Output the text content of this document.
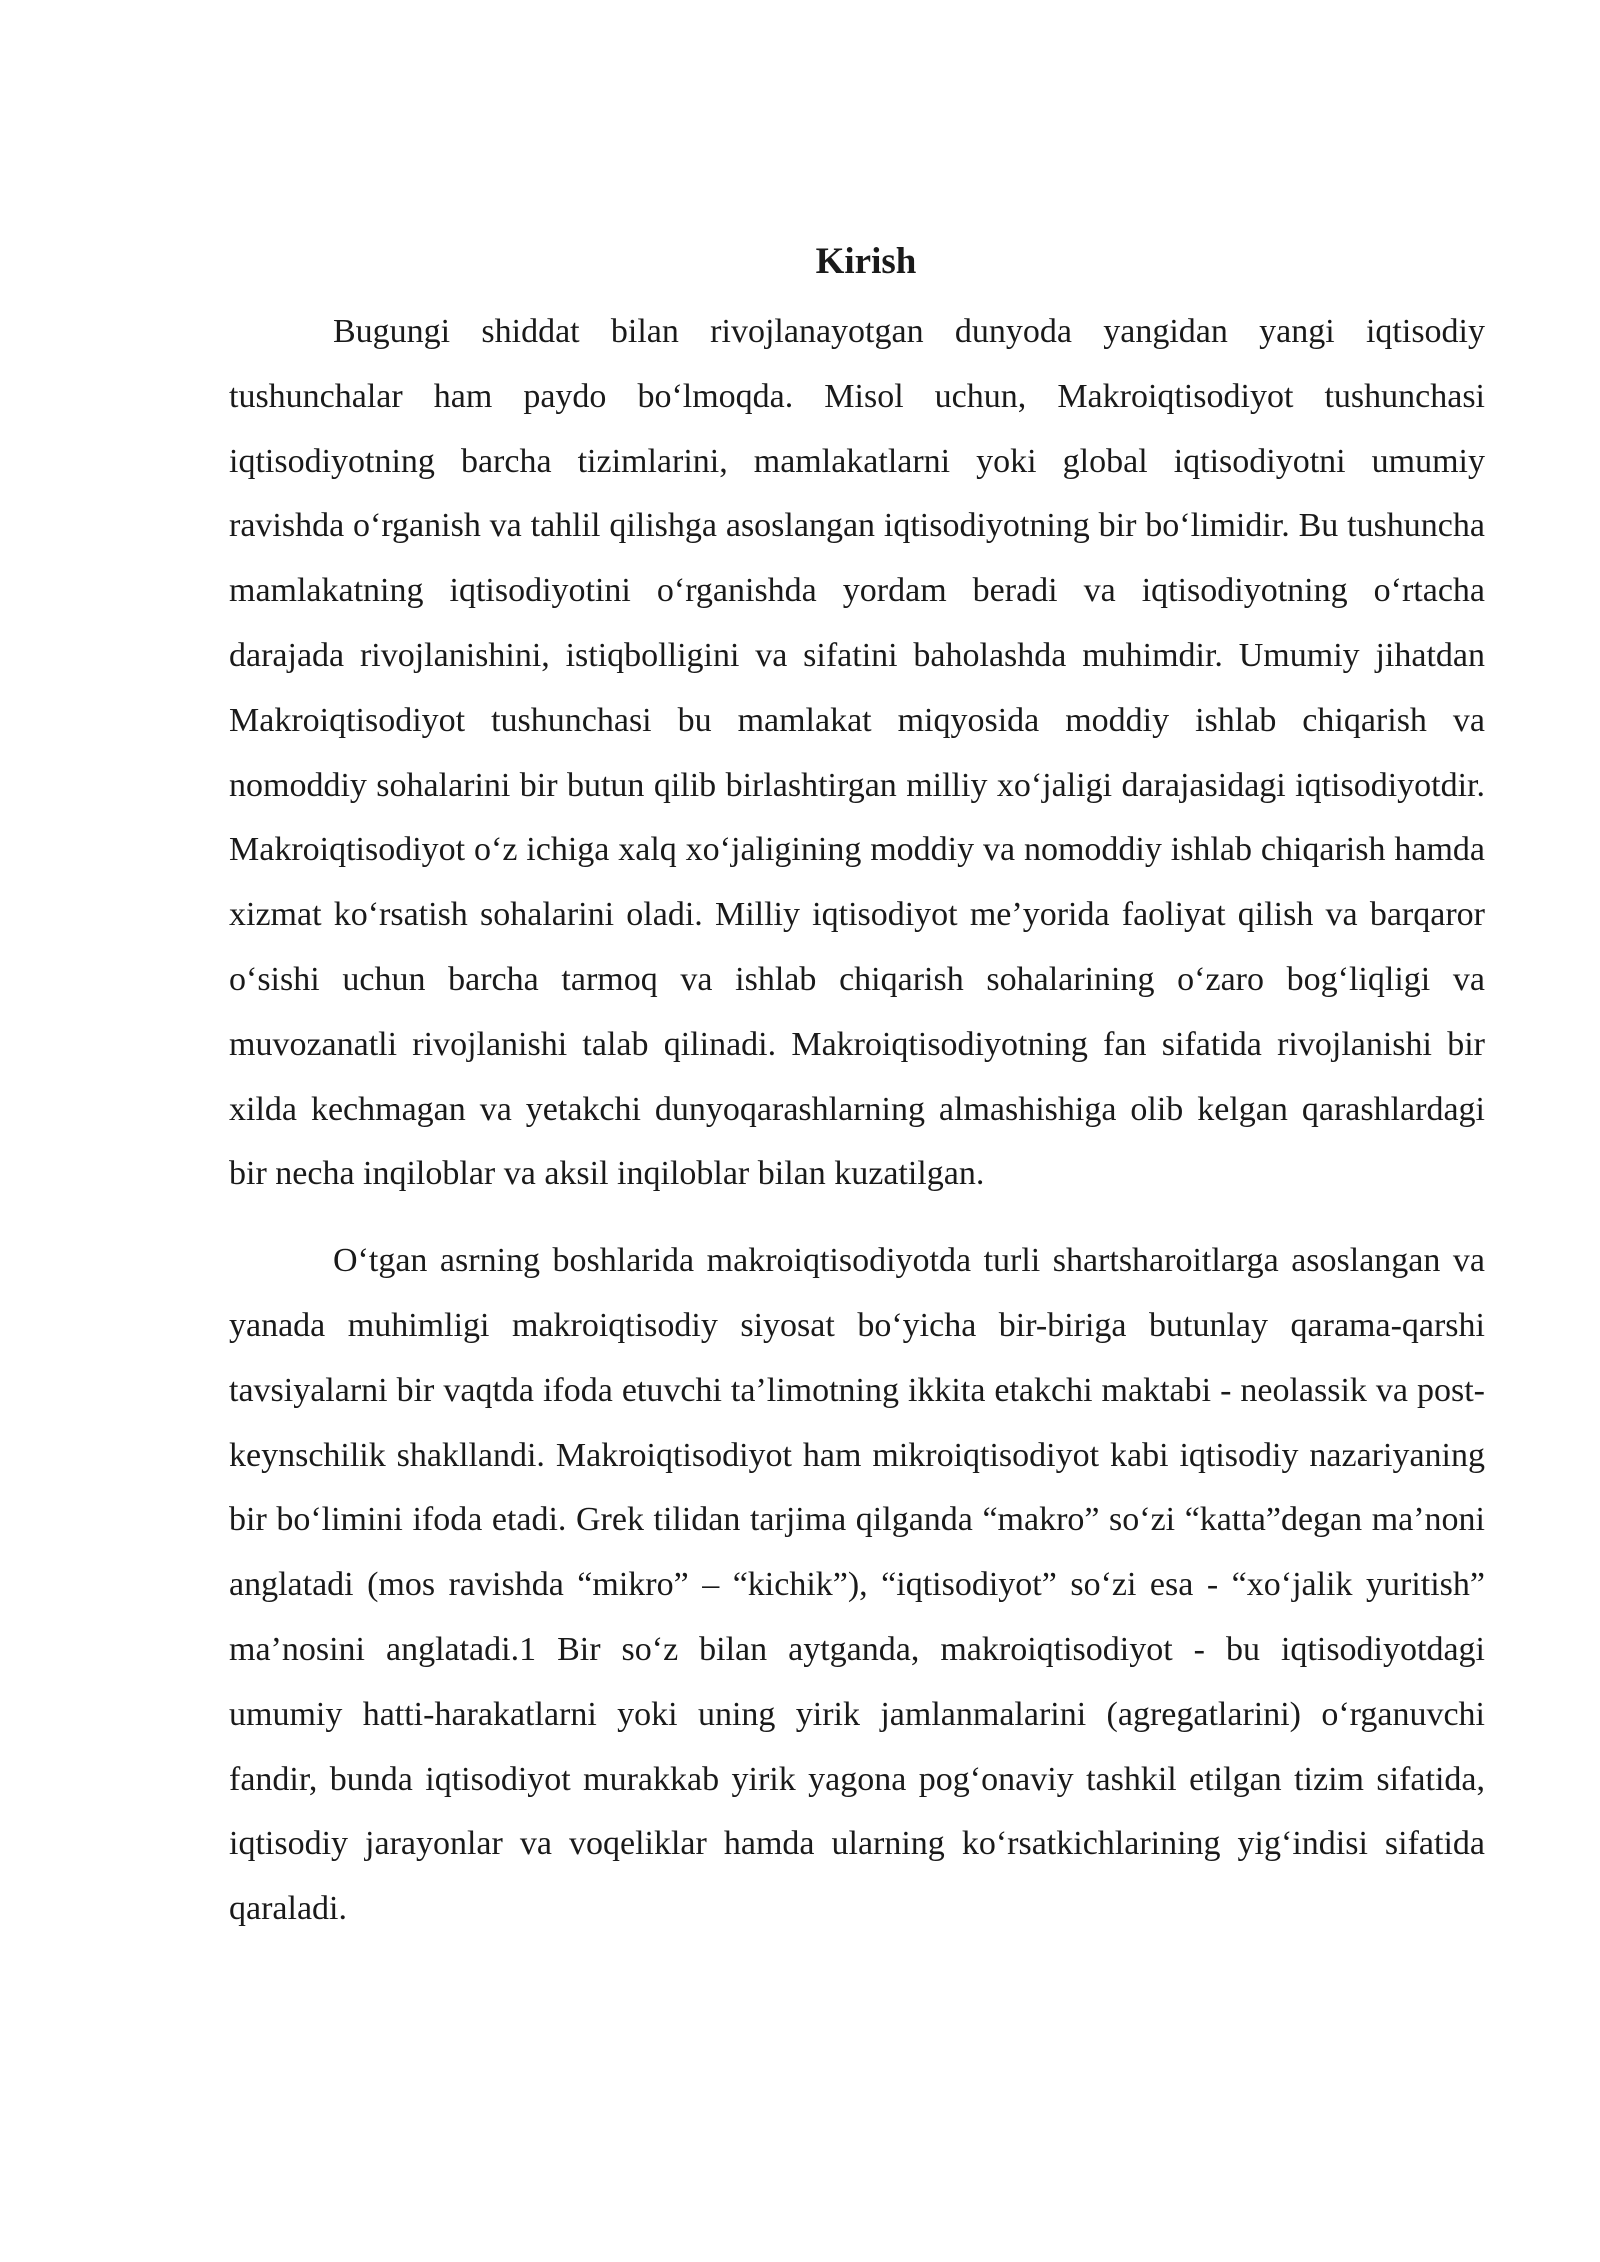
Kirish

Bugungi shiddat bilan rivojlanayotgan dunyoda yangidan yangi iqtisodiy tushunchalar ham paydo bo‘lmoqda. Misol uchun, Makroiqtisodiyot tushunchasi iqtisodiyotning barcha tizimlarini, mamlakatlarni yoki global iqtisodiyotni umumiy ravishda o‘rganish va tahlil qilishga asoslangan iqtisodiyotning bir bo‘limidir. Bu tushuncha mamlakatning iqtisodiyotini o‘rganishda yordam beradi va iqtisodiyotning o‘rtacha darajada rivojlanishini, istiqbolligini va sifatini baholashda muhimdir. Umumiy jihatdan Makroiqtisodiyot tushunchasi bu mamlakat miqyosida moddiy ishlab chiqarish va nomoddiy sohalarini bir butun qilib birlashtirgan milliy xo‘jaligi darajasidagi iqtisodiyotdir. Makroiqtisodiyot o‘z ichiga xalq xo‘jaligining moddiy va nomoddiy ishlab chiqarish hamda xizmat ko‘rsatish sohalarini oladi. Milliy iqtisodiyot me’yorida faoliyat qilish va barqaror o‘sishi uchun barcha tarmoq va ishlab chiqarish sohalarining o‘zaro bog‘liqligi va muvozanatli rivojlanishi talab qilinadi. Makroiqtisodiyotning fan sifatida rivojlanishi bir xilda kechmagan va yetakchi dunyoqarashlarning almashishiga olib kelgan qarashlardagi bir necha inqiloblar va aksil inqiloblar bilan kuzatilgan.

O‘tgan asrning boshlarida makroiqtisodiyotda turli shartsharoitlarga asoslangan va yanada muhimligi makroiqtisodiy siyosat bo‘yicha bir-biriga butunlay qarama-qarshi tavsiyalarni bir vaqtda ifoda etuvchi ta’limotning ikkita etakchi maktabi - neolassik va post-keynschilik shakllandi. Makroiqtisodiyot ham mikroiqtisodiyot kabi iqtisodiy nazariyaning bir bo‘limini ifoda etadi. Grek tilidan tarjima qilganda “makro” so‘zi “katta”degan ma’noni anglatadi (mos ravishda “mikro” – “kichik”), “iqtisodiyot” so‘zi esa - “xo‘jalik yuritish” ma’nosini anglatadi.1 Bir so‘z bilan aytganda, makroiqtisodiyot - bu iqtisodiyotdagi umumiy hatti-harakatlarni yoki uning yirik jamlanmalarini (agregatlarini) o‘rganuvchi fandir, bunda iqtisodiyot murakkab yirik yagona pog‘onaviy tashkil etilgan tizim sifatida, iqtisodiy jarayonlar va voqeliklar hamda ularning ko‘rsatkichlarining yig‘indisi sifatida qaraladi.
